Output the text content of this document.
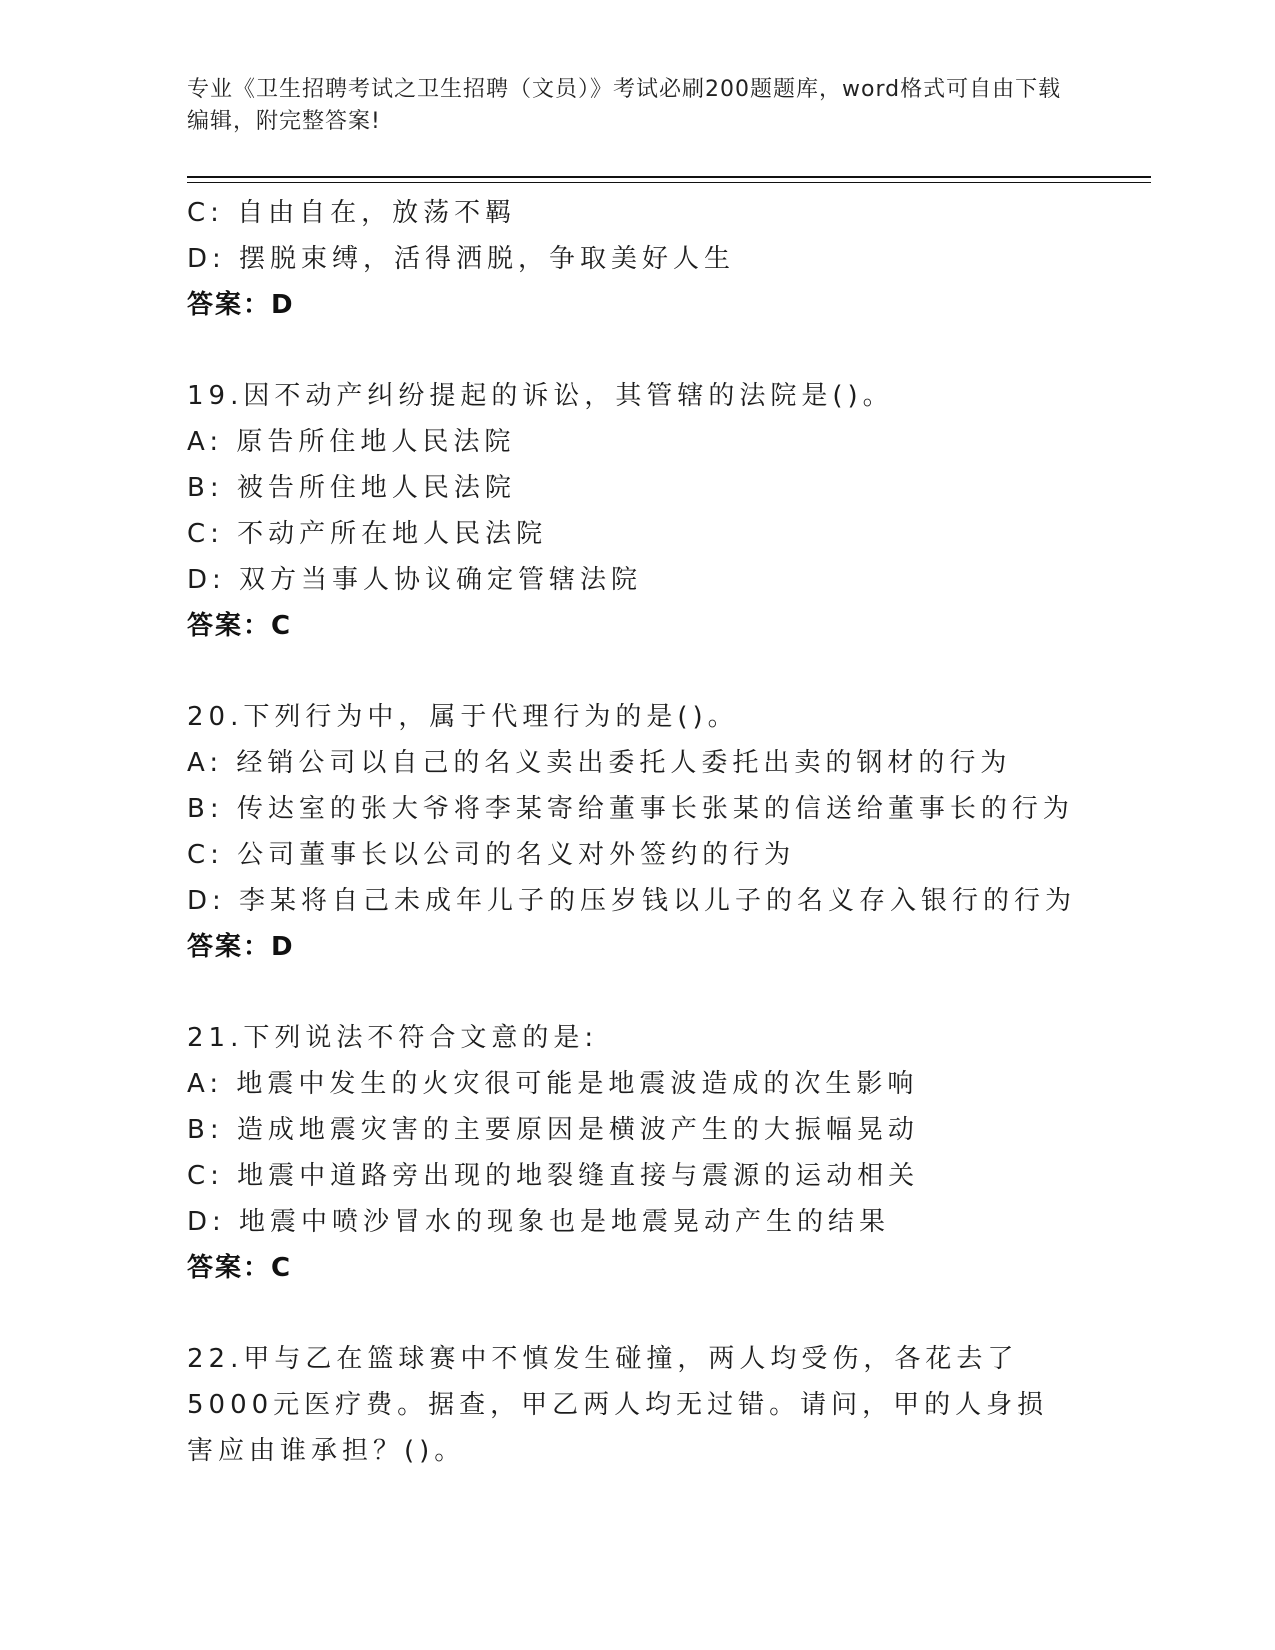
专业《卫生招聘考试之卫生招聘（文员）》考试必刷200题题库，word格式可自由下载编辑，附完整答案!
C: 自由自在，放荡不羁
D: 摆脱束缚，活得洒脱，争取美好人生
答案：D
19.因不动产纠纷提起的诉讼，其管辖的法院是()。
A: 原告所住地人民法院
B: 被告所住地人民法院
C: 不动产所在地人民法院
D: 双方当事人协议确定管辖法院
答案：C
20.下列行为中，属于代理行为的是()。
A: 经销公司以自己的名义卖出委托人委托出卖的钢材的行为
B: 传达室的张大爷将李某寄给董事长张某的信送给董事长的行为
C: 公司董事长以公司的名义对外签约的行为
D: 李某将自己未成年儿子的压岁钱以儿子的名义存入银行的行为
答案：D
21.下列说法不符合文意的是:
A: 地震中发生的火灾很可能是地震波造成的次生影响
B: 造成地震灾害的主要原因是横波产生的大振幅晃动
C: 地震中道路旁出现的地裂缝直接与震源的运动相关
D: 地震中喷沙冒水的现象也是地震晃动产生的结果
答案：C
22.甲与乙在篮球赛中不慎发生碰撞，两人均受伤，各花去了5000元医疗费。据查，甲乙两人均无过错。请问，甲的人身损害应由谁承担？()。
